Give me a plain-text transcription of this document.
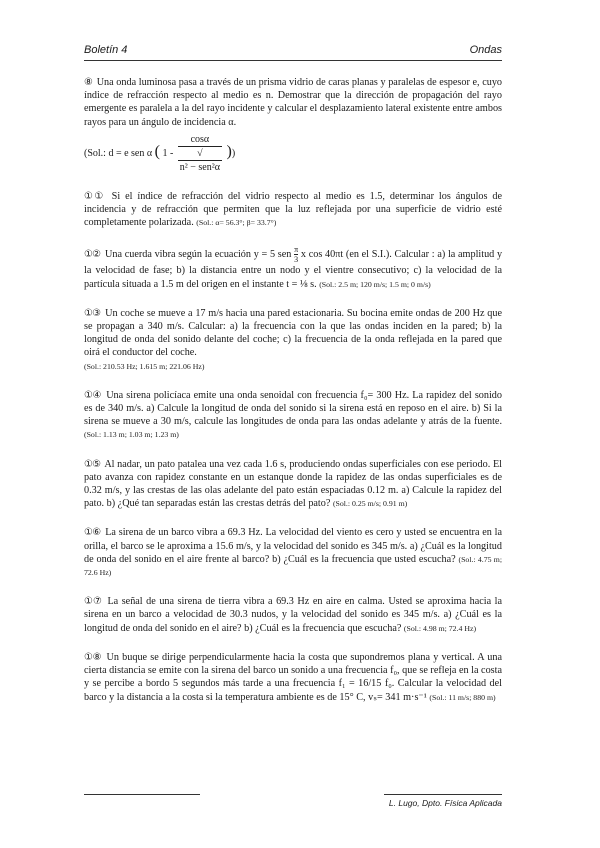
Boletín 4	Ondas
⑧ Una onda luminosa pasa a través de un prisma vidrio de caras planas y paralelas de espesor e, cuyo índice de refracción respecto al medio es n. Demostrar que la dirección de propagación del rayo emergente es paralela a la del rayo incidente y calcular el desplazamiento lateral existente entre ambos rayos para un ángulo de incidencia α.
(Sol.: d = e sen α ( 1 - cosα
√
n² − sen²α ))
①① Si el índice de refracción del vidrio respecto al medio es 1.5, determinar los ángulos de incidencia y de refracción que permiten que la luz reflejada por una superficie de vidrio esté completamente polarizada. (Sol.: α= 56.3°; β= 33.7°)
①② Una cuerda vibra según la ecuación y = 5 sen $\frac{\pi}{3}$ x cos 40πt (en el S.I.). Calcular : a) la amplitud y la velocidad de fase; b) la distancia entre un nodo y el vientre consecutivo; c) la velocidad de la partícula situada a 1.5 m del origen en el instante t = ⅛ s. (Sol.: 2.5 m; 120 m/s; 1.5 m; 0 m/s)
①③ Un coche se mueve a 17 m/s hacia una pared estacionaria. Su bocina emite ondas de 200 Hz que se propagan a 340 m/s. Calcular: a) la frecuencia con la que las ondas inciden en la pared; b) la longitud de onda del sonido delante del coche; c) la frecuencia de la onda reflejada en la pared que oirá el conductor del coche.
(Sol.: 210.53 Hz; 1.615 m; 221.06 Hz)
①④ Una sirena policíaca emite una onda senoidal con frecuencia f₀= 300 Hz. La rapidez del sonido es de 340 m/s. a) Calcule la longitud de onda del sonido si la sirena está en reposo en el aire. b) Si la sirena se mueve a 30 m/s, calcule las longitudes de onda para las ondas adelante y atrás de la fuente. (Sol.: 1.13 m; 1.03 m; 1.23 m)
①⑤ Al nadar, un pato patalea una vez cada 1.6 s, produciendo ondas superficiales con ese periodo. El pato avanza con rapidez constante en un estanque donde la rapidez de las ondas superficiales es de 0.32 m/s, y las crestas de las olas adelante del pato están espaciadas 0.12 m. a) Calcule la rapidez del pato. b) ¿Qué tan separadas están las crestas detrás del pato? (Sol.: 0.25 m/s; 0.91 m)
①⑥ La sirena de un barco vibra a 69.3 Hz. La velocidad del viento es cero y usted se encuentra en la orilla, el barco se le aproxima a 15.6 m/s, y la velocidad del sonido es 345 m/s. a) ¿Cuál es la longitud de onda del sonido en el aire frente al barco? b) ¿Cuál es la frecuencia que usted escucha? (Sol.: 4.75 m; 72.6 Hz)
①⑦ La señal de una sirena de tierra vibra a 69.3 Hz en aire en calma. Usted se aproxima hacia la sirena en un barco a velocidad de 30.3 nudos, y la velocidad del sonido es 345 m/s. a) ¿Cuál es la longitud de onda del sonido en el aire? b) ¿Cuál es la frecuencia que escucha? (Sol.: 4.98 m; 72.4 Hz)
①⑧ Un buque se dirige perpendicularmente hacia la costa que supondremos plana y vertical. A una cierta distancia se emite con la sirena del barco un sonido a una frecuencia f₀, que se refleja en la costa y se percibe a bordo 5 segundos más tarde a una frecuencia f₁ = 16/15 f₀. Calcular la velocidad del barco y la distancia a la costa si la temperatura ambiente es de 15° C, vₛ= 341 m·s⁻¹ (Sol.: 11 m/s; 880 m)
L. Lugo, Dpto. Física Aplicada
